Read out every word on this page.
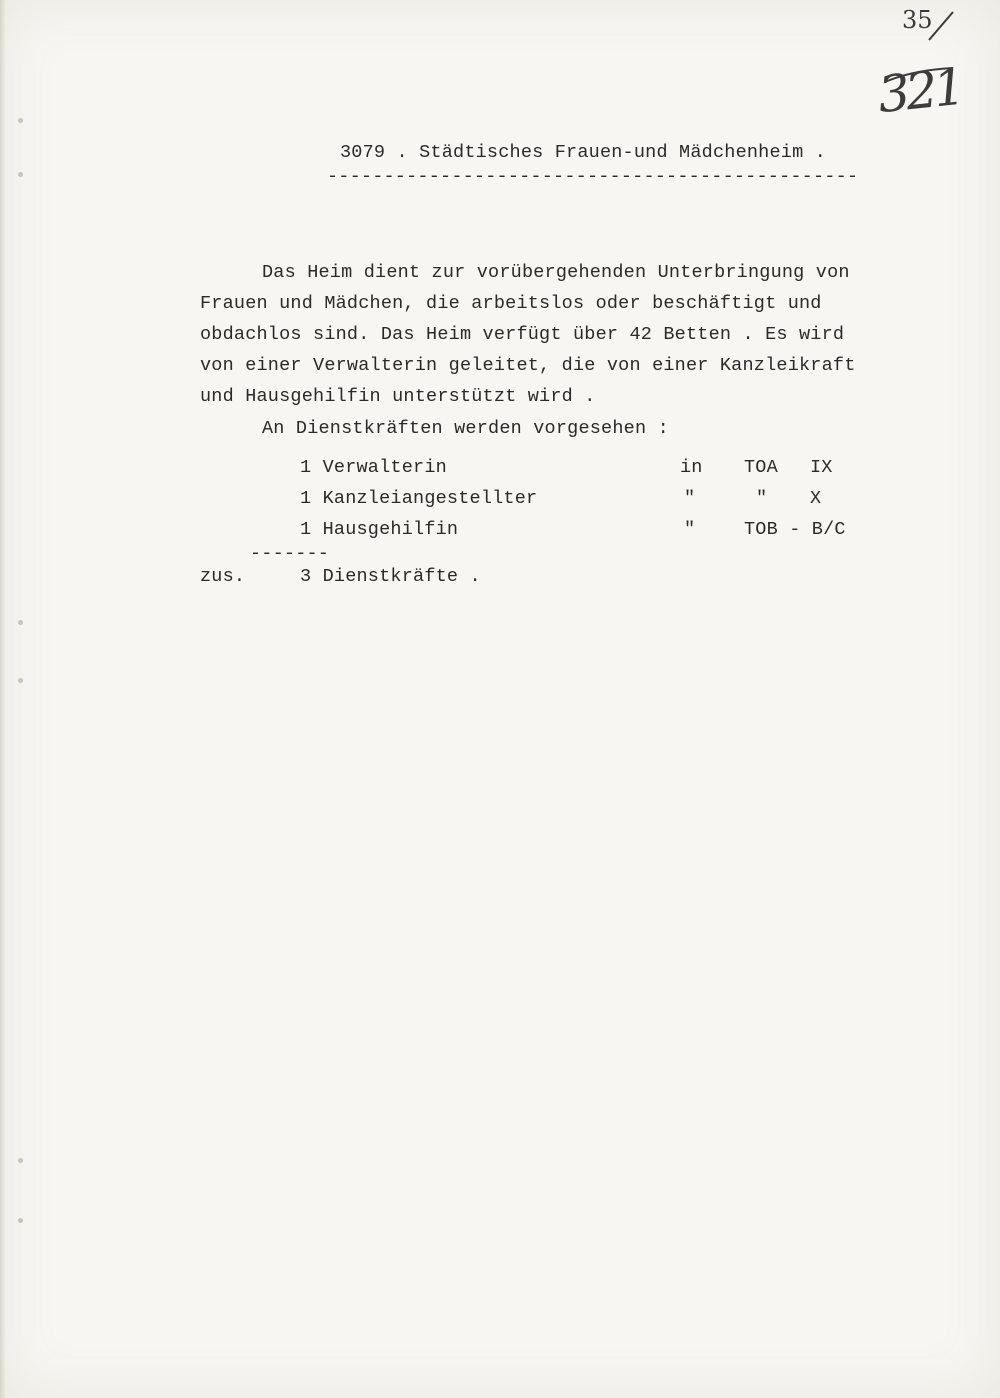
35
321
3079 . Städtisches Frauen-und Mädchenheim .
-----------------------------------------------
Das Heim dient zur vorübergehenden Unterbringung von
Frauen und Mädchen, die arbeitslos oder beschäftigt und
obdachlos sind. Das Heim verfügt über 42 Betten . Es wird
von einer Verwalterin geleitet, die von einer Kanzleikraft
und Hausgehilfin unterstützt wird .
An Dienstkräften werden vorgesehen :
1 Verwalterin	in TOA IX
1 Kanzleiangestellter	"	" X
1 Hausgehilfin	"	TOB - B/C
-------
zus.	3 Dienstkräfte .
